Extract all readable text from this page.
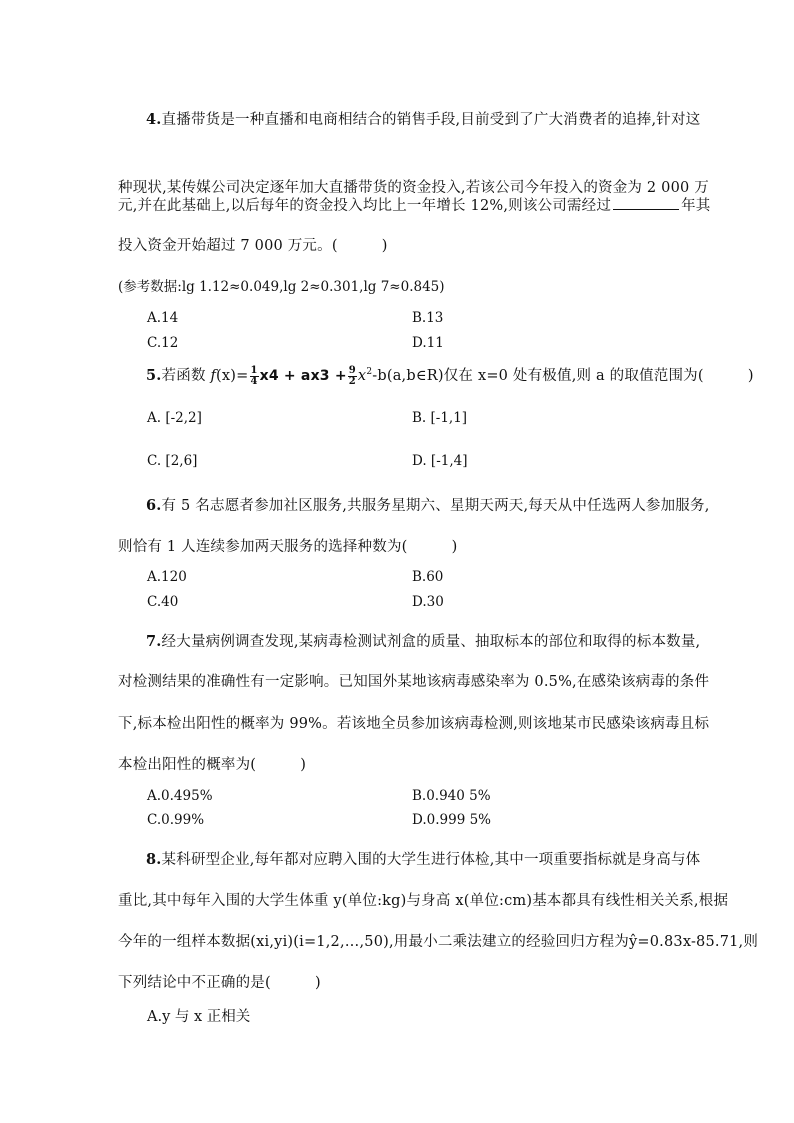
4.直播带货是一种直播和电商相结合的销售手段,目前受到了广大消费者的追捧,针对这
种现状,某传媒公司决定逐年加大直播带货的资金投入,若该公司今年投入的资金为 2 000 万
元,并在此基础上,以后每年的资金投入均比上一年增长 12%,则该公司需经过	年其
投入资金开始超过 7 000 万元。(　　　)
(参考数据:lg 1.12≈0.049,lg 2≈0.301,lg 7≈0.845)
A.14	B.13
C.12	D.11
5.若函数 $f(x)= \frac{1}{4} x4 + ax3 + \frac{9}{2}$ $x^2-b(a,b\in R)$仅在 x=0 处有极值,则 a 的取值范围为(　　　)
A. [-2,2]	B. [-1,1]
C. [2,6]	D. [-1,4]
6.有 5 名志愿者参加社区服务,共服务星期六、星期天两天,每天从中任选两人参加服务,
则恰有 1 人连续参加两天服务的选择种数为(　　　)
A.120	B.60
C.40	D.30
7.经大量病例调查发现,某病毒检测试剂盒的质量、抽取标本的部位和取得的标本数量,
对检测结果的准确性有一定影响。已知国外某地该病毒感染率为 0.5%,在感染该病毒的条件
下,标本检出阳性的概率为 99%。若该地全员参加该病毒检测,则该地某市民感染该病毒且标
本检出阳性的概率为(　　　)
A.0.495%	B.0.940 5%
C.0.99%	D.0.999 5%
8.某科研型企业,每年都对应聘入围的大学生进行体检,其中一项重要指标就是身高与体
重比,其中每年入围的大学生体重 y(单位:kg)与身高 x(单位:cm)基本都具有线性相关关系,根据
今年的一组样本数据(xi,yi)(i=1,2,…,50),用最小二乘法建立的经验回归方程为ŷ=0.83x-85.71,则
下列结论中不正确的是(　　　)
A.y 与 x 正相关
